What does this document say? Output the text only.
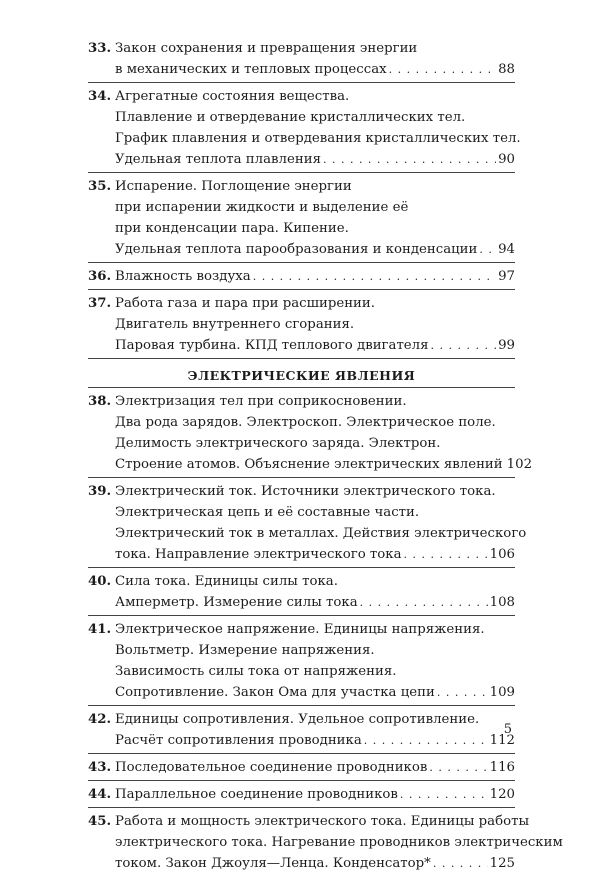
33. Закон сохранения и превращения энергии
в механических и тепловых процессах . . .	88
34. Агрегатные состояния вещества.
Плавление и отвердевание кристаллических тел.
График плавления и отвердевания кристаллических тел.
Удельная теплота плавления . . .	90
35. Испарение. Поглощение энергии
при испарении жидкости и выделение её
при конденсации пара. Кипение.
Удельная теплота парообразования и конденсации . . . 94
36. Влажность воздуха . . .	97
37. Работа газа и пара при расширении.
Двигатель внутреннего сгорания.
Паровая турбина. КПД теплового двигателя . . .	99
ЭЛЕКТРИЧЕСКИЕ ЯВЛЕНИЯ
38. Электризация тел при соприкосновении.
Два рода зарядов. Электроскоп. Электрическое поле.
Делимость электрического заряда. Электрон.
Строение атомов. Объяснение электрических явлений 102
39. Электрический ток. Источники электрического тока.
Электрическая цепь и её составные части.
Электрический ток в металлах. Действия электрического
тока. Направление электрического тока . . .	106
40. Сила тока. Единицы силы тока.
Амперметр. Измерение силы тока . . .	108
41. Электрическое напряжение. Единицы напряжения.
Вольтметр. Измерение напряжения.
Зависимость силы тока от напряжения.
Сопротивление. Закон Ома для участка цепи . . .	109
42. Единицы сопротивления. Удельное сопротивление.
Расчёт сопротивления проводника . . .	112
43. Последовательное соединение проводников . . .	116
44. Параллельное соединение проводников . . .	120
45. Работа и мощность электрического тока. Единицы работы
электрического тока. Нагревание проводников электрическим
током. Закон Джоуля—Ленца. Конденсатор* . . .	125
5
